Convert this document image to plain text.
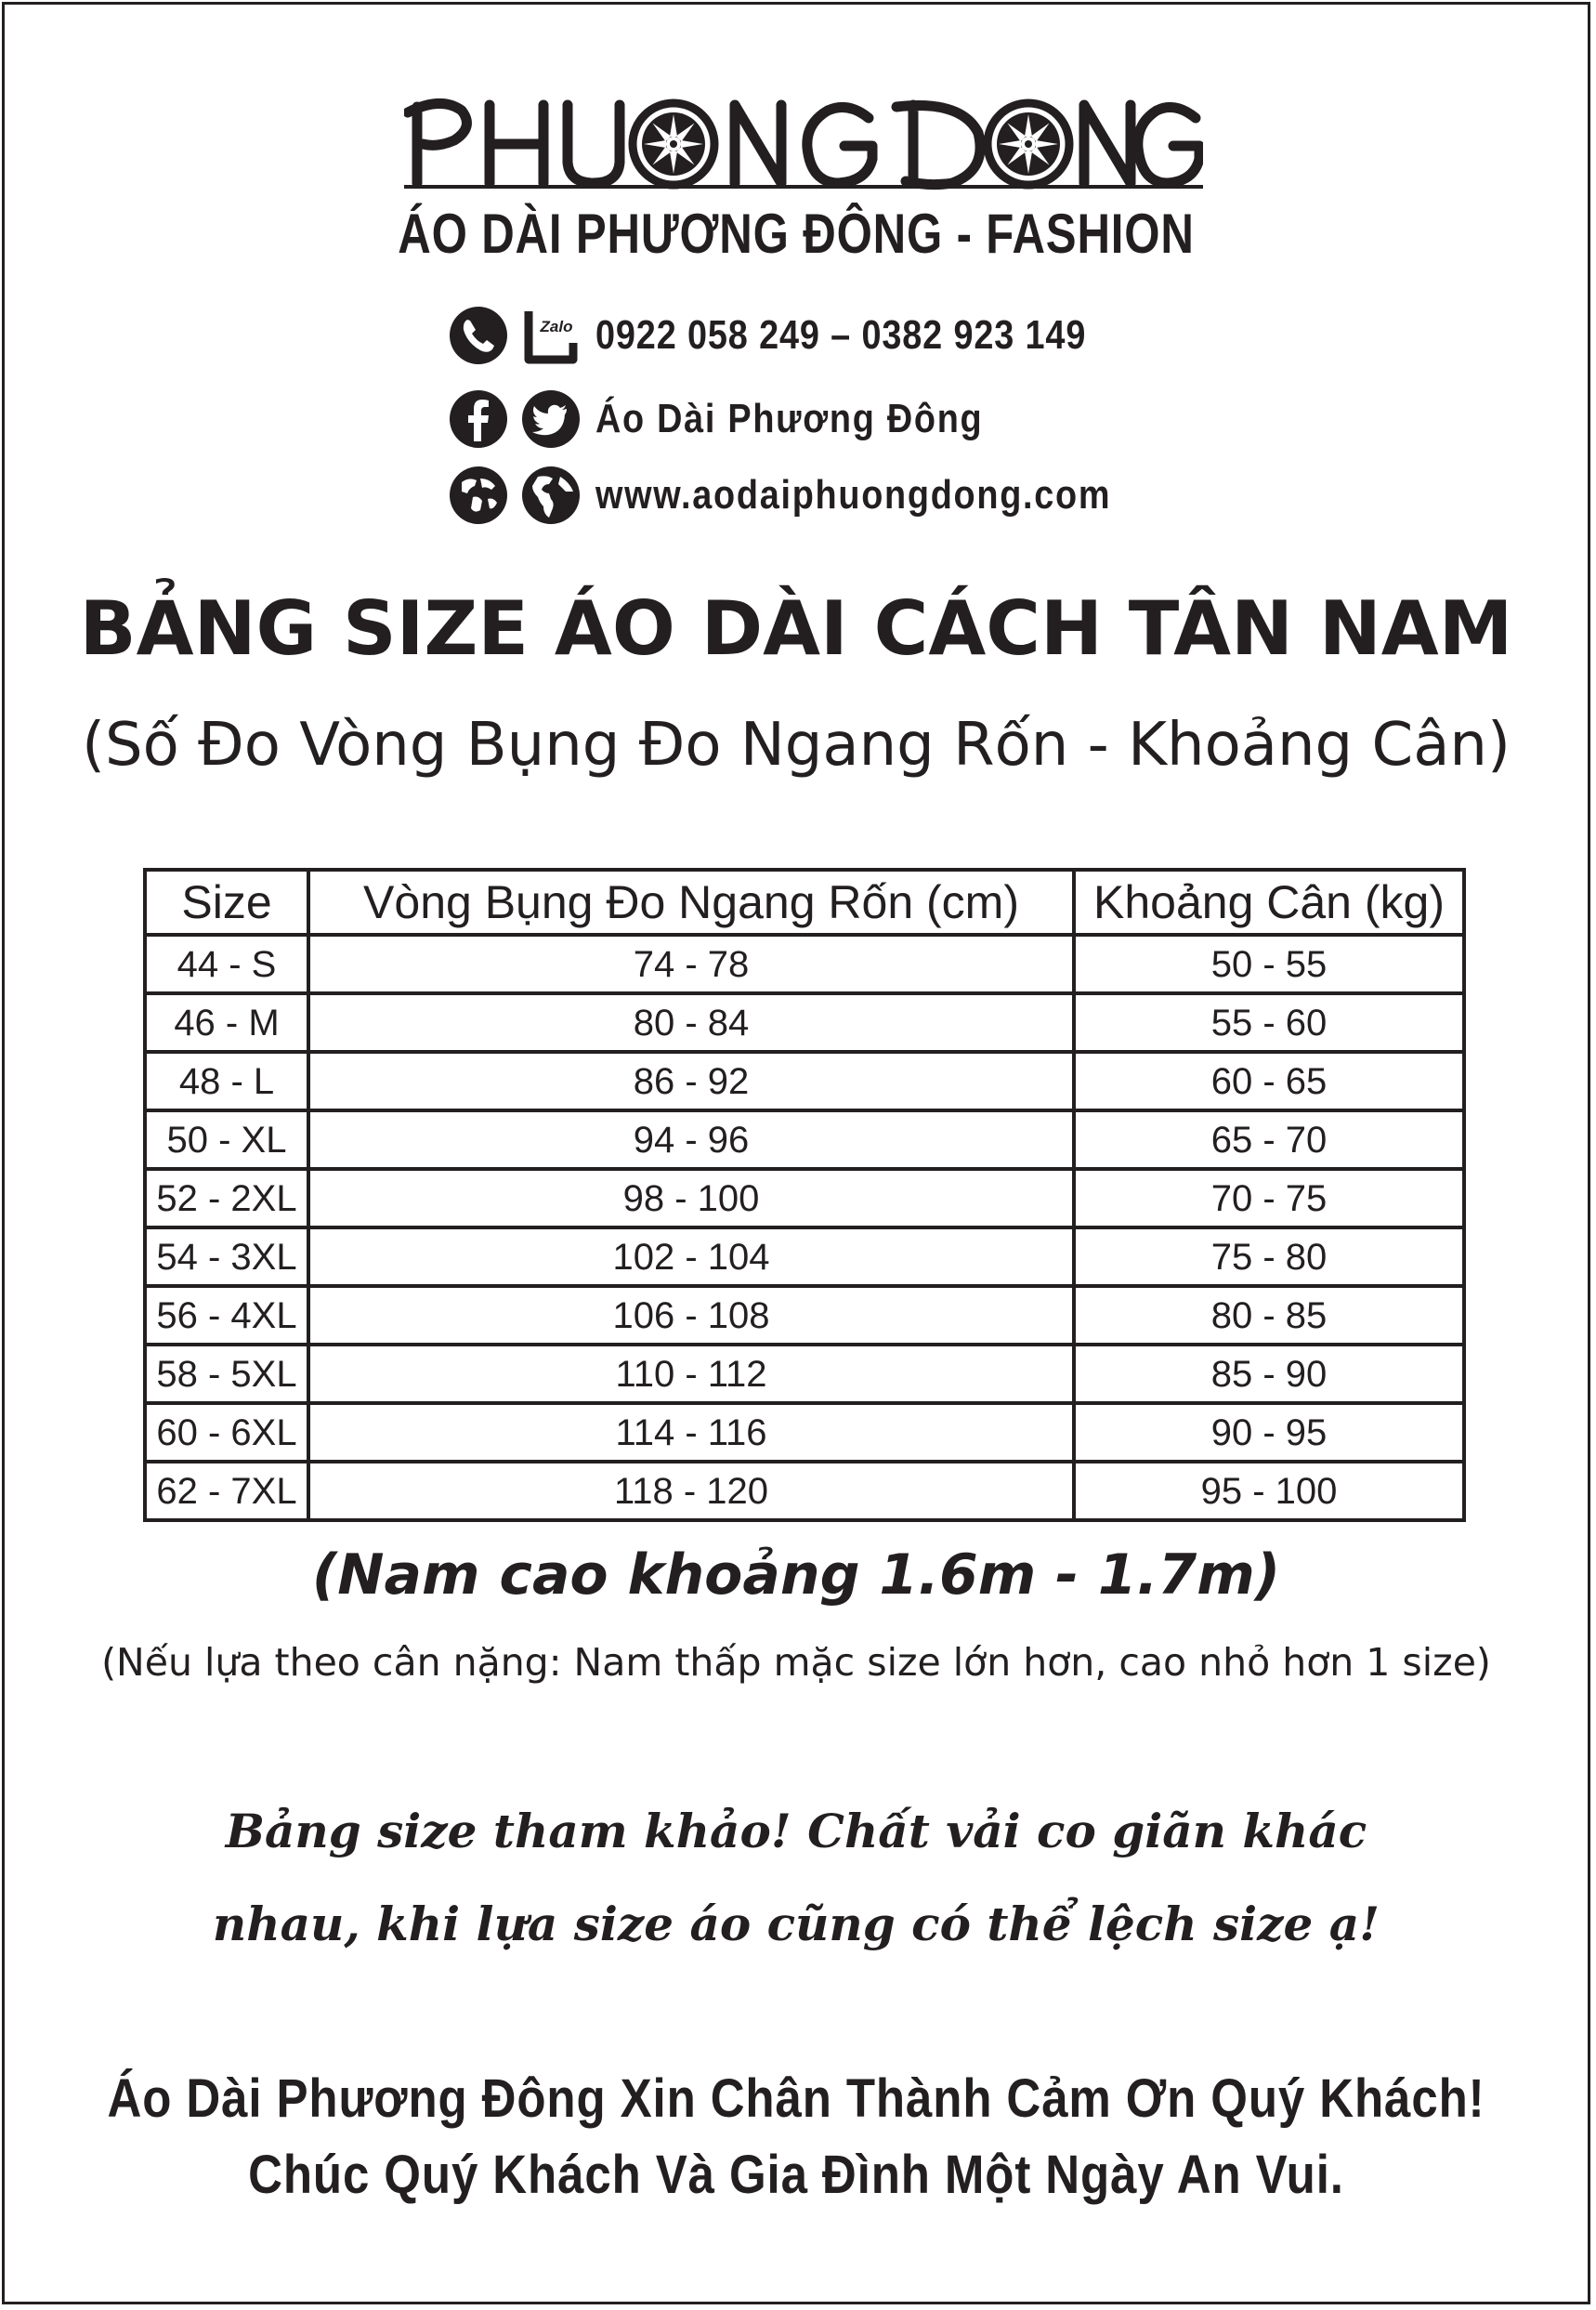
ÁO DÀI PHƯƠNG ĐÔNG - FASHION
Zalo 0922 058 249 – 0382 923 149
Áo Dài Phương Đông
www.aodaiphuongdong.com
BẢNG SIZE ÁO DÀI CÁCH TÂN NAM
(Số Đo Vòng Bụng Đo Ngang Rốn - Khoảng Cân)
Size	Vòng Bụng Đo Ngang Rốn (cm)	Khoảng Cân (kg)
44 - S	74 - 78	50 - 55
46 - M	80 - 84	55 - 60
48 - L	86 - 92	60 - 65
50 - XL	94 - 96	65 - 70
52 - 2XL	98 - 100	70 - 75
54 - 3XL	102 - 104	75 - 80
56 - 4XL	106 - 108	80 - 85
58 - 5XL	110 - 112	85 - 90
60 - 6XL	114 - 116	90 - 95
62 - 7XL	118 - 120	95 - 100
(Nam cao khoảng 1.6m - 1.7m)
(Nếu lựa theo cân nặng: Nam thấp mặc size lớn hơn, cao nhỏ hơn 1 size)
Bảng size tham khảo! Chất vải co giãn khác
nhau, khi lựa size áo cũng có thể lệch size ạ!
Áo Dài Phương Đông Xin Chân Thành Cảm Ơn Quý Khách!
Chúc Quý Khách Và Gia Đình Một Ngày An Vui.
